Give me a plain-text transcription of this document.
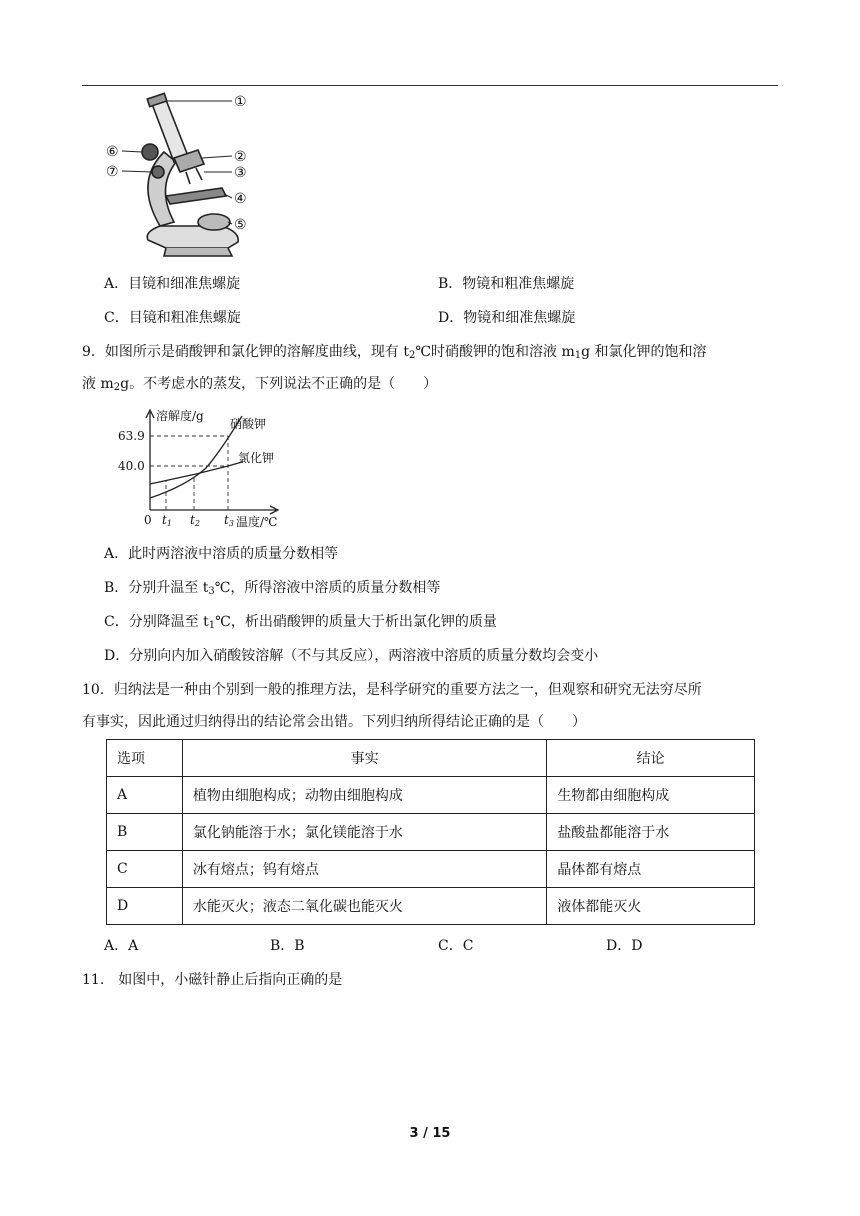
①
②
③
④
⑤
⑥
⑦
A．目镜和细准焦螺旋	B．物镜和粗准焦螺旋
C．目镜和粗准焦螺旋	D．物镜和细准焦螺旋
9．如图所示是硝酸钾和氯化钾的溶解度曲线，现有 $t_2℃$时硝酸钾的饱和溶液 $m_1g$ 和氯化钾的饱和溶
液 $m_2g$。不考虑水的蒸发，下列说法不正确的是（　　）
溶解度/g
63.9
40.0
硝酸钾
氯化钾
0 t1 t2 t3 温度/℃
A．此时两溶液中溶质的质量分数相等
B．分别升温至 $t_3℃$，所得溶液中溶质的质量分数相等
C．分别降温至 $t_1℃$，析出硝酸钾的质量大于析出氯化钾的质量
D．分别向内加入硝酸铵溶解（不与其反应），两溶液中溶质的质量分数均会变小
10．归纳法是一种由个别到一般的推理方法，是科学研究的重要方法之一，但观察和研究无法穷尽所
有事实，因此通过归纳得出的结论常会出错。下列归纳所得结论正确的是（　　）
选项	事实	结论
A	植物由细胞构成；动物由细胞构成	生物都由细胞构成
B	氯化钠能溶于水；氯化镁能溶于水	盐酸盐都能溶于水
C	冰有熔点；钨有熔点	晶体都有熔点
D	水能灭火；液态二氧化碳也能灭火	液体都能灭火
A．A	B．B	C．C	D．D
11.　如图中，小磁针静止后指向正确的是
3 / 15
